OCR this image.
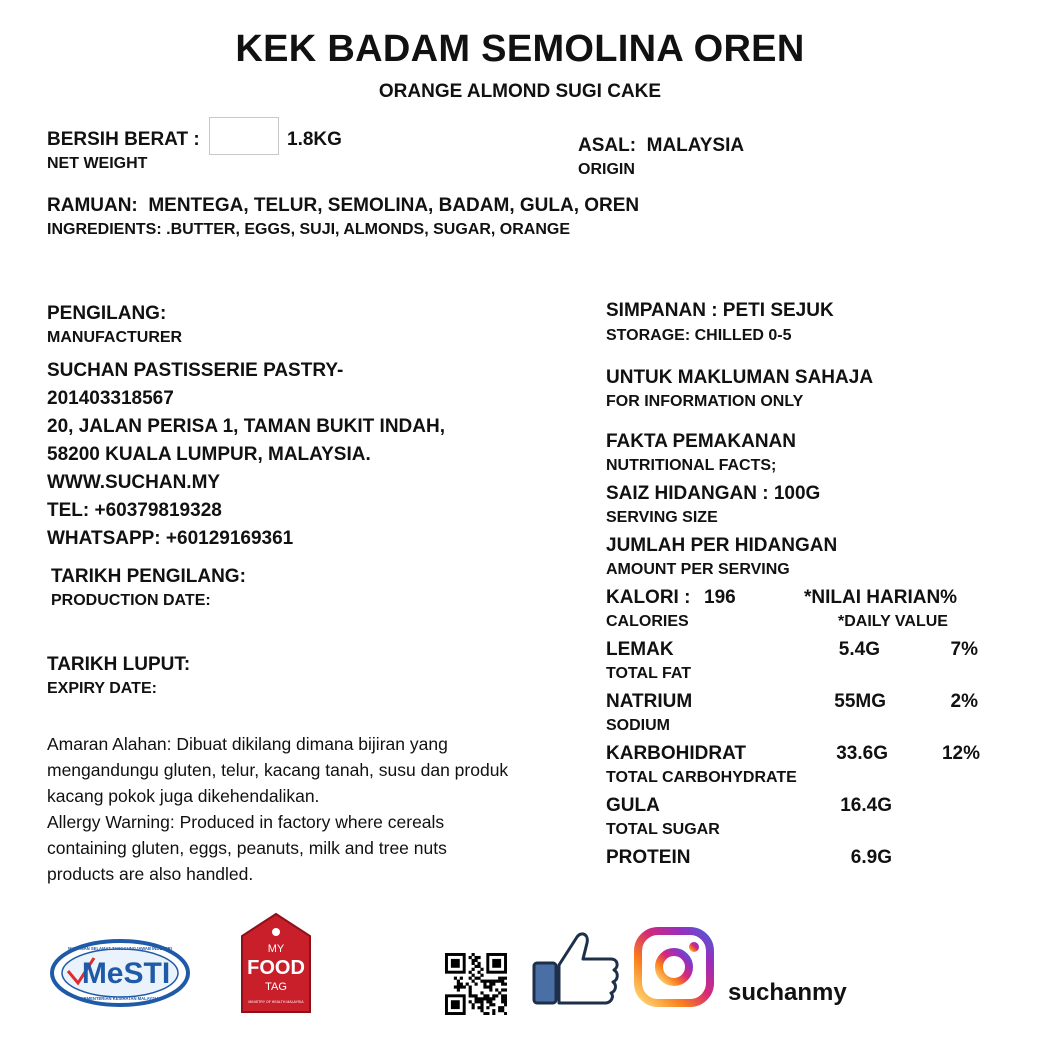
KEK BADAM SEMOLINA OREN
ORANGE ALMOND SUGI CAKE
BERSIH BERAT :	1.8KG
NET WEIGHT
ASAL: MALAYSIA
ORIGIN
RAMUAN: MENTEGA, TELUR, SEMOLINA, BADAM, GULA, OREN
INGREDIENTS: .BUTTER, EGGS, SUJI, ALMONDS, SUGAR, ORANGE
PENGILANG:
MANUFACTURER
SUCHAN PASTISSERIE PASTRY-
201403318567
20, JALAN PERISA 1, TAMAN BUKIT INDAH,
58200 KUALA LUMPUR, MALAYSIA.
WWW.SUCHAN.MY
TEL: +60379819328
WHATSAPP: +60129169361
TARIKH PENGILANG:
PRODUCTION DATE:
TARIKH LUPUT:
EXPIRY DATE:
Amaran Alahan: Dibuat dikilang dimana bijiran yang mengandungu gluten, telur, kacang tanah, susu dan produk kacang pokok juga dikehendalikan.
Allergy Warning: Produced in factory where cereals containing gluten, eggs, peanuts, milk and tree nuts products are also handled.
SIMPANAN : PETI SEJUK
STORAGE: CHILLED 0-5
UNTUK MAKLUMAN SAHAJA
FOR INFORMATION ONLY
FAKTA PEMAKANAN
NUTRITIONAL FACTS;
SAIZ HIDANGAN : 100G
SERVING SIZE
JUMLAH PER HIDANGAN
AMOUNT PER SERVING
KALORI : 196	*NILAI HARIAN%
CALORIES	*DAILY VALUE
LEMAK	5.4G	7%
TOTAL FAT
NATRIUM	55MG	2%
SODIUM
KARBOHIDRAT	33.6G	12%
TOTAL CARBOHYDRATE
GULA	16.4G
TOTAL SUGAR
PROTEIN	6.9G
MeSTI
MAKANAN SELAMAT TANGGUNGJAWAB INDUSTRI
KEMENTERIAN KESIHATAN MALAYSIA
MY
FOOD
TAG
MINISTRY OF HEALTH MALAYSIA	suchanmy
